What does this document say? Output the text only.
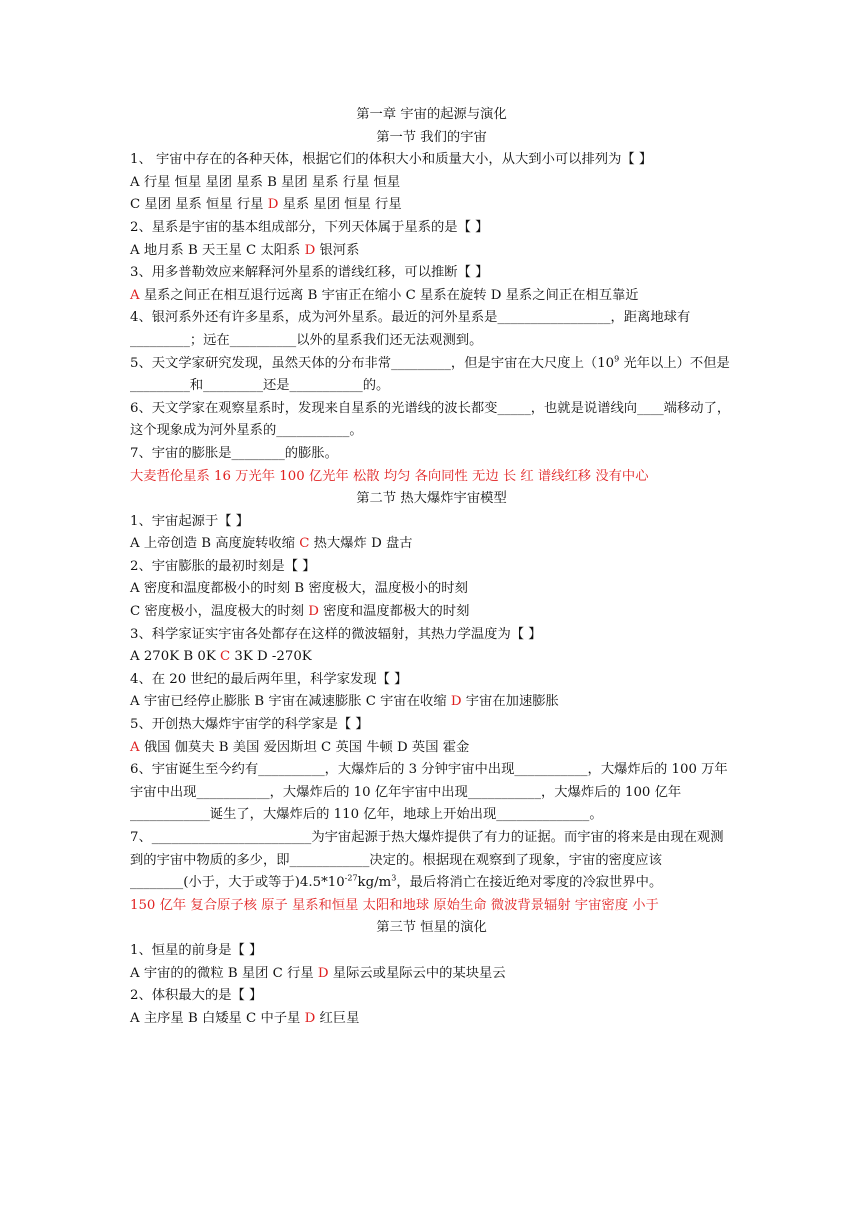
第一章 宇宙的起源与演化
第一节 我们的宇宙
1、 宇宙中存在的各种天体，根据它们的体积大小和质量大小，从大到小可以排列为【 】
A 行星 恒星 星团 星系 B 星团 星系 行星 恒星
C 星团 星系 恒星 行星 D 星系 星团 恒星 行星
2、星系是宇宙的基本组成部分，下列天体属于星系的是【 】
A 地月系 B 天王星 C 太阳系 D 银河系
3、用多普勒效应来解释河外星系的谱线红移，可以推断【 】
A 星系之间正在相互退行远离 B 宇宙正在缩小 C 星系在旋转 D 星系之间正在相互靠近
4、银河系外还有许多星系，成为河外星系。最近的河外星系是_________________，距离地球有_________；远在__________以外的星系我们还无法观测到。
5、天文学家研究发现，虽然天体的分布非常_________，但是宇宙在大尺度上（$10^9$ 光年以上）不但是_________和_________还是___________的。
6、天文学家在观察星系时，发现来自星系的光谱线的波长都变_____，也就是说谱线向____端移动了，这个现象成为河外星系的___________。
7、宇宙的膨胀是________的膨胀。
大麦哲伦星系 16 万光年 100 亿光年 松散 均匀 各向同性 无边 长 红 谱线红移 没有中心
第二节 热大爆炸宇宙模型
1、宇宙起源于【 】
A 上帝创造 B 高度旋转收缩 C 热大爆炸 D 盘古
2、宇宙膨胀的最初时刻是【 】
A 密度和温度都极小的时刻 B 密度极大，温度极小的时刻
C 密度极小，温度极大的时刻 D 密度和温度都极大的时刻
3、科学家证实宇宙各处都存在这样的微波辐射，其热力学温度为【 】
A 270K B 0K C 3K D -270K
4、在 20 世纪的最后两年里，科学家发现【 】
A 宇宙已经停止膨胀 B 宇宙在减速膨胀 C 宇宙在收缩 D 宇宙在加速膨胀
5、开创热大爆炸宇宙学的科学家是【 】
A 俄国 伽莫夫 B 美国 爱因斯坦 C 英国 牛顿 D 英国 霍金
6、宇宙诞生至今约有__________，大爆炸后的 3 分钟宇宙中出现___________，大爆炸后的 100 万年宇宙中出现___________，大爆炸后的 10 亿年宇宙中出现___________，大爆炸后的 100 亿年____________诞生了，大爆炸后的 110 亿年，地球上开始出现______________。
7、________________________为宇宙起源于热大爆炸提供了有力的证据。而宇宙的将来是由现在观测到的宇宙中物质的多少，即____________决定的。根据现在观察到了现象，宇宙的密度应该________(小于，大于或等于)$4.5*10^{-27}kg/m^3$，最后将消亡在接近绝对零度的冷寂世界中。
150 亿年 复合原子核 原子 星系和恒星 太阳和地球 原始生命 微波背景辐射 宇宙密度 小于
第三节 恒星的演化
1、恒星的前身是【 】
A 宇宙的的微粒 B 星团 C 行星 D 星际云或星际云中的某块星云
2、体积最大的是【 】
A 主序星 B 白矮星 C 中子星 D 红巨星
